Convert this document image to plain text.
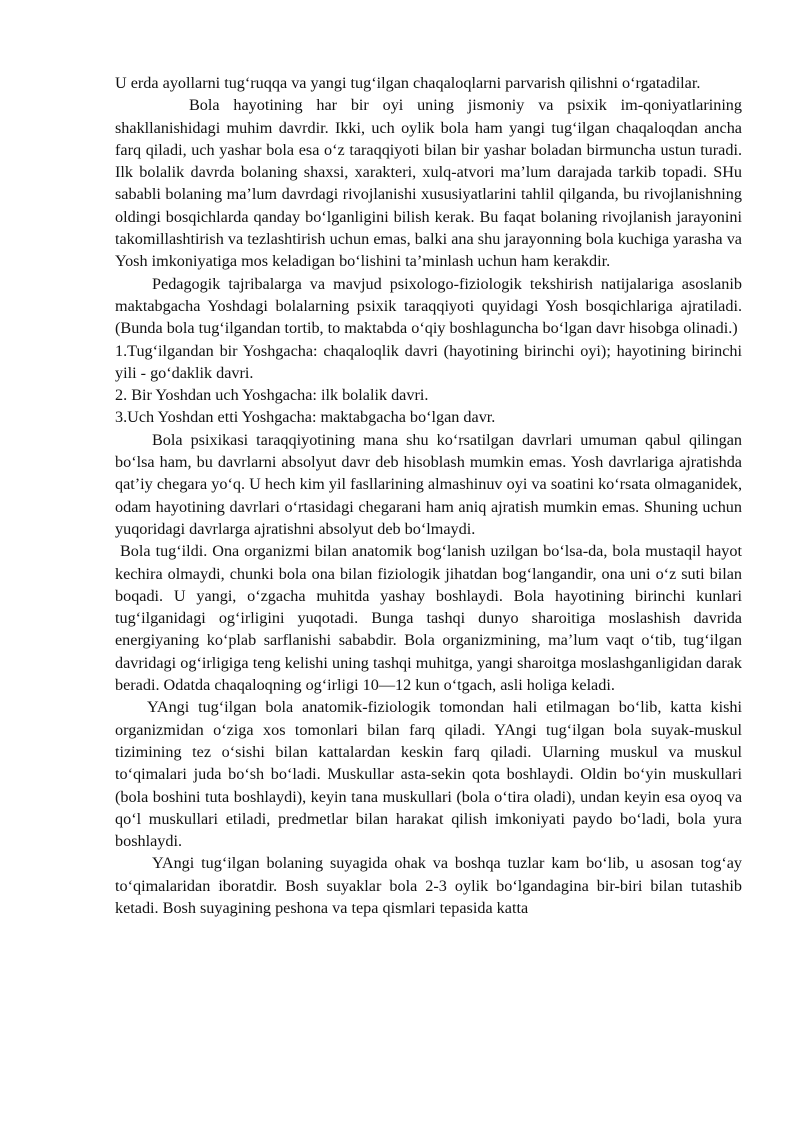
U erda ayollarni tug‘ruqqa va yangi tug‘ilgan chaqaloqlarni parvarish qilishni o‘rgatadilar.

Bola hayotining har bir oyi uning jismoniy va psixik im-qoniyatlarining shakllanishidagi muhim davrdir. Ikki, uch oylik bola ham yangi tug‘ilgan chaqaloqdan ancha farq qiladi, uch yashar bola esa o‘z taraqqiyoti bilan bir yashar boladan birmuncha ustun turadi. Ilk bolalik davrda bolaning shaxsi, xarakteri, xulq-atvori ma’lum darajada tarkib topadi. SHu sababli bolaning ma’lum davrdagi rivojlanishi xususiyatlarini tahlil qilganda, bu rivojlanishning oldingi bosqichlarda qanday bo‘lganligini bilish kerak. Bu faqat bolaning rivojlanish jarayonini takomillashtirish va tezlashtirish uchun emas, balki ana shu jarayonning bola kuchiga yarasha va Yosh imkoniyatiga mos keladigan bo‘lishini ta’minlash uchun ham kerakdir.

Pedagogik tajribalarga va mavjud psixologo-fiziologik tekshirish natijalariga asoslanib maktabgacha Yoshdagi bolalarning psixik taraqqiyoti quyidagi Yosh bosqichlariga ajratiladi.(Bunda bola tug‘ilgandan tortib, to maktabda o‘qiy boshlaguncha bo‘lgan davr hisobga olinadi.)

1.Tug‘ilgandan bir Yoshgacha: chaqaloqlik davri (hayotining birinchi oyi); hayotining birinchi yili - go‘daklik davri.

2. Bir Yoshdan uch Yoshgacha: ilk bolalik davri.

3.Uch Yoshdan etti Yoshgacha: maktabgacha bo‘lgan davr.

Bola psixikasi taraqqiyotining mana shu ko‘rsatilgan davrlari umuman qabul qilingan bo‘lsa ham, bu davrlarni absolyut davr deb hisoblash mumkin emas. Yosh davrlariga ajratishda qat’iy chegara yo‘q. U hech kim yil fasllarining almashinuv oyi va soatini ko‘rsata olmaganidek, odam hayotining davrlari o‘rtasidagi chegarani ham aniq ajratish mumkin emas. Shuning uchun yuqoridagi davrlarga ajratishni absolyut deb bo‘lmaydi.

Bola tug‘ildi. Ona organizmi bilan anatomik bog‘lanish uzilgan bo‘lsa-da, bola mustaqil hayot kechira olmaydi, chunki bola ona bilan fiziologik jihatdan bog‘langandir, ona uni o‘z suti bilan boqadi. U yangi, o‘zgacha muhitda yashay boshlaydi. Bola hayotining birinchi kunlari tug‘ilganidagi og‘irligini yuqotadi. Bunga tashqi dunyo sharoitiga moslashish davrida energiyaning ko‘plab sarflanishi sababdir. Bola organizmining, ma’lum vaqt o‘tib, tug‘ilgan davridagi og‘irligiga teng kelishi uning tashqi muhitga, yangi sharoitga moslashganligidan darak beradi. Odatda chaqaloqning og‘irligi 10—12 kun o‘tgach, asli holiga keladi.

YAngi tug‘ilgan bola anatomik-fiziologik tomondan hali etilmagan bo‘lib, katta kishi organizmidan o‘ziga xos tomonlari bilan farq qiladi. YAngi tug‘ilgan bola suyak-muskul tizimining tez o‘sishi bilan kattalardan keskin farq qiladi. Ularning muskul va muskul to‘qimalari juda bo‘sh bo‘ladi. Muskullar asta-sekin qota boshlaydi. Oldin bo‘yin muskullari (bola boshini tuta boshlaydi), keyin tana muskullari (bola o‘tira oladi), undan keyin esa oyoq va qo‘l muskullari etiladi, predmetlar bilan harakat qilish imkoniyati paydo bo‘ladi, bola yura boshlaydi.

YAngi tug‘ilgan bolaning suyagida ohak va boshqa tuzlar kam bo‘lib, u asosan tog‘ay to‘qimalaridan iboratdir. Bosh suyaklar bola 2-3 oylik bo‘lgandagina bir-biri bilan tutashib ketadi. Bosh suyagining peshona va tepa qismlari tepasida katta
